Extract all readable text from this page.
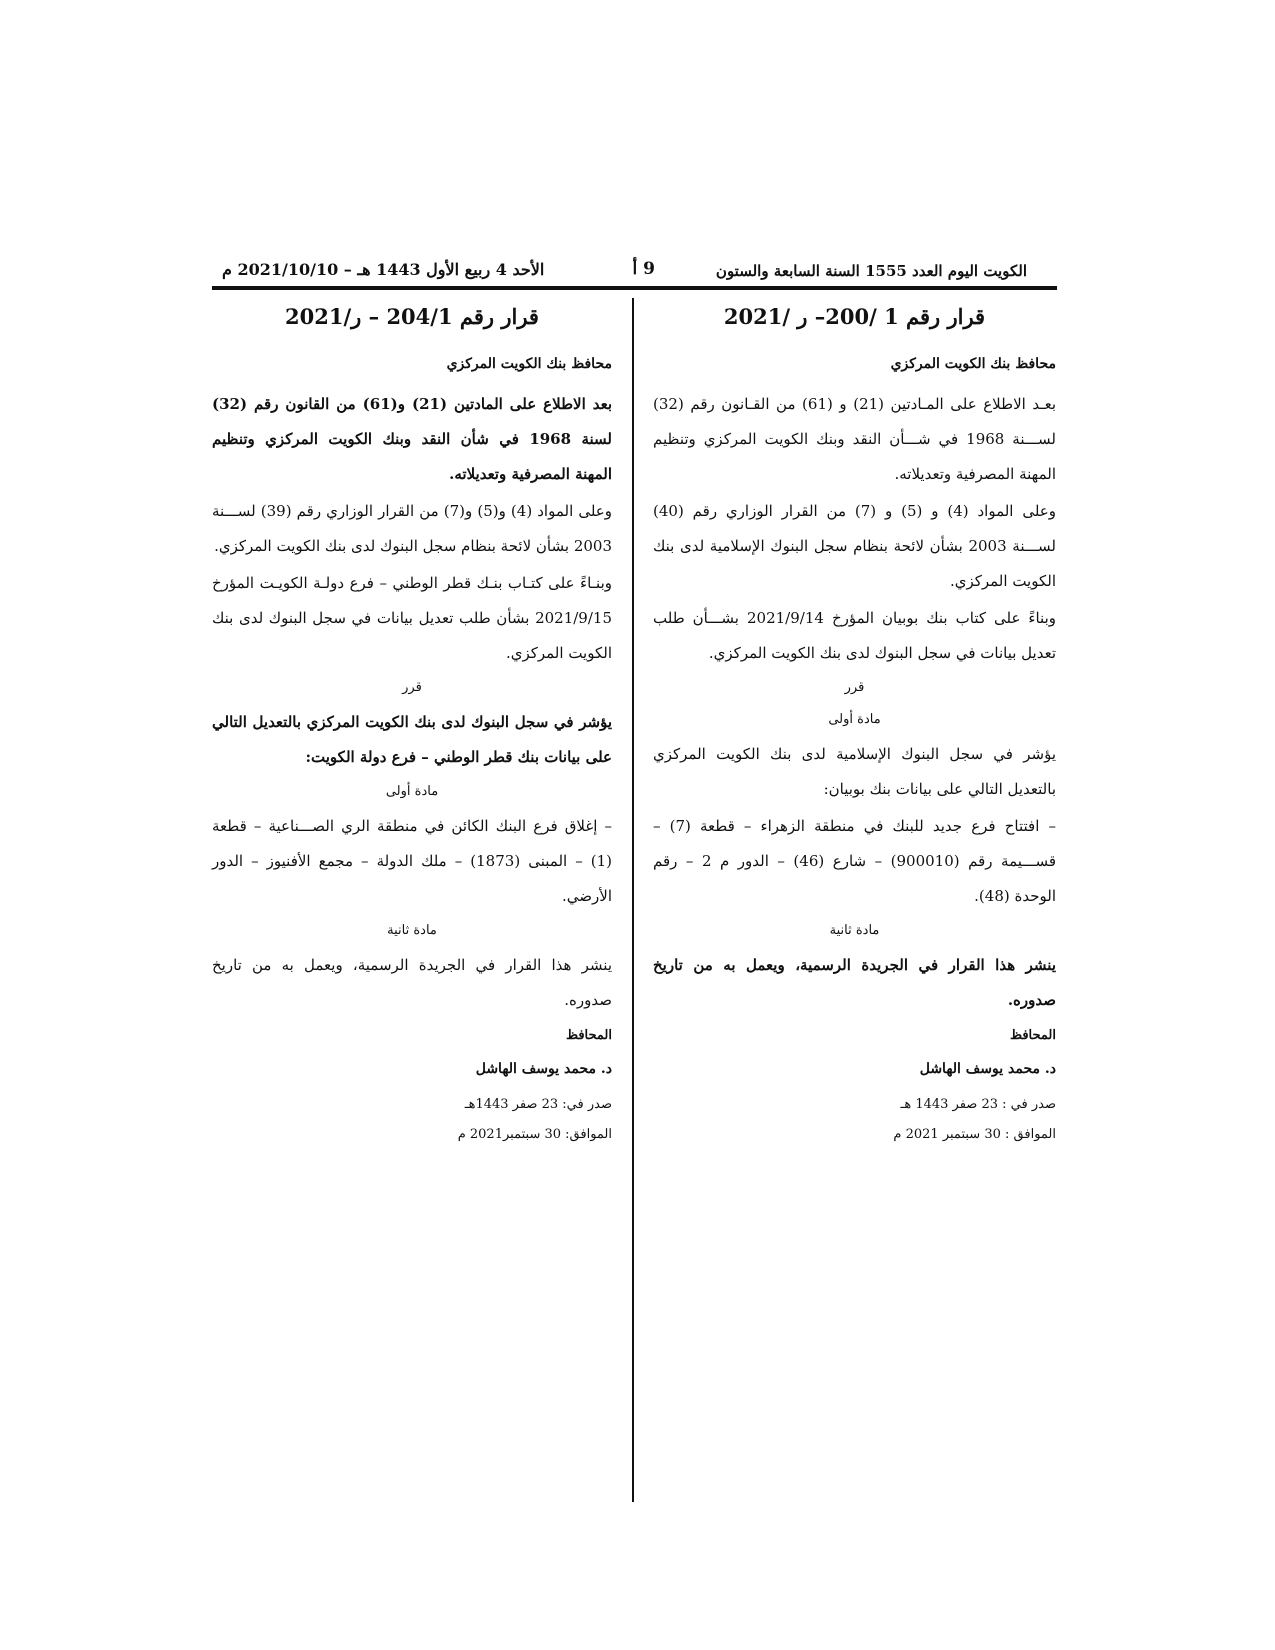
الكويت اليوم العدد 1555 السنة السابعة والستون
9 أ
الأحد 4 ربيع الأول 1443 هـ – 2021/10/10 م
قرار رقم 1 /200– ر /2021
محافظ بنك الكويت المركزي
بعـد الاطلاع على المـادتين (21) و (61) من القـانون رقم (32) لســـنة 1968 في شـــأن النقد وبنك الكويت المركزي وتنظيم المهنة المصرفية وتعديلاته.
وعلى المواد (4) و (5) و (7) من القرار الوزاري رقم (40) لســـنة 2003 بشأن لائحة بنظام سجل البنوك الإسلامية لدى بنك الكويت المركزي.
وبناءً على كتاب بنك بوبيان المؤرخ 2021/9/14 بشـــأن طلب تعديل بيانات في سجل البنوك لدى بنك الكويت المركزي.
قرر
مادة أولى
يؤشر في سجل البنوك الإسلامية لدى بنك الكويت المركزي بالتعديل التالي على بيانات بنك بوبيان:
– افتتاح فرع جديد للبنك في منطقة الزهراء – قطعة (7) – قســـيمة رقم (900010) – شارع (46) – الدور م 2 – رقم الوحدة (48).
مادة ثانية
ينشر هذا القرار في الجريدة الرسمية، ويعمل به من تاريخ صدوره.
المحافظ
د. محمد يوسف الهاشل
صدر في : 23 صفر 1443 هـ
الموافق : 30 سبتمبر 2021 م
قرار رقم 204/1 – ر/2021
محافظ بنك الكويت المركزي
بعد الاطلاع على المادتين (21) و(61) من القانون رقم (32) لسنة 1968 في شأن النقد وبنك الكويت المركزي وتنظيم المهنة المصرفية وتعديلاته.
وعلى المواد (4) و(5) و(7) من القرار الوزاري رقم (39) لســـنة 2003 بشأن لائحة بنظام سجل البنوك لدى بنك الكويت المركزي.
وبنـاءً على كتـاب بنـك قطر الوطني – فرع دولـة الكويـت المؤرخ 2021/9/15 بشأن طلب تعديل بيانات في سجل البنوك لدى بنك الكويت المركزي.
قرر
يؤشر في سجل البنوك لدى بنك الكويت المركزي بالتعديل التالي على بيانات بنك قطر الوطني – فرع دولة الكويت:
مادة أولى
– إغلاق فرع البنك الكائن في منطقة الري الصـــناعية – قطعة (1) – المبنى (1873) – ملك الدولة – مجمع الأفنيوز – الدور الأرضي.
مادة ثانية
ينشر هذا القرار في الجريدة الرسمية، ويعمل به من تاريخ صدوره.
المحافظ
د. محمد يوسف الهاشل
صدر في: 23 صفر 1443هـ
الموافق: 30 سبتمبر2021 م
